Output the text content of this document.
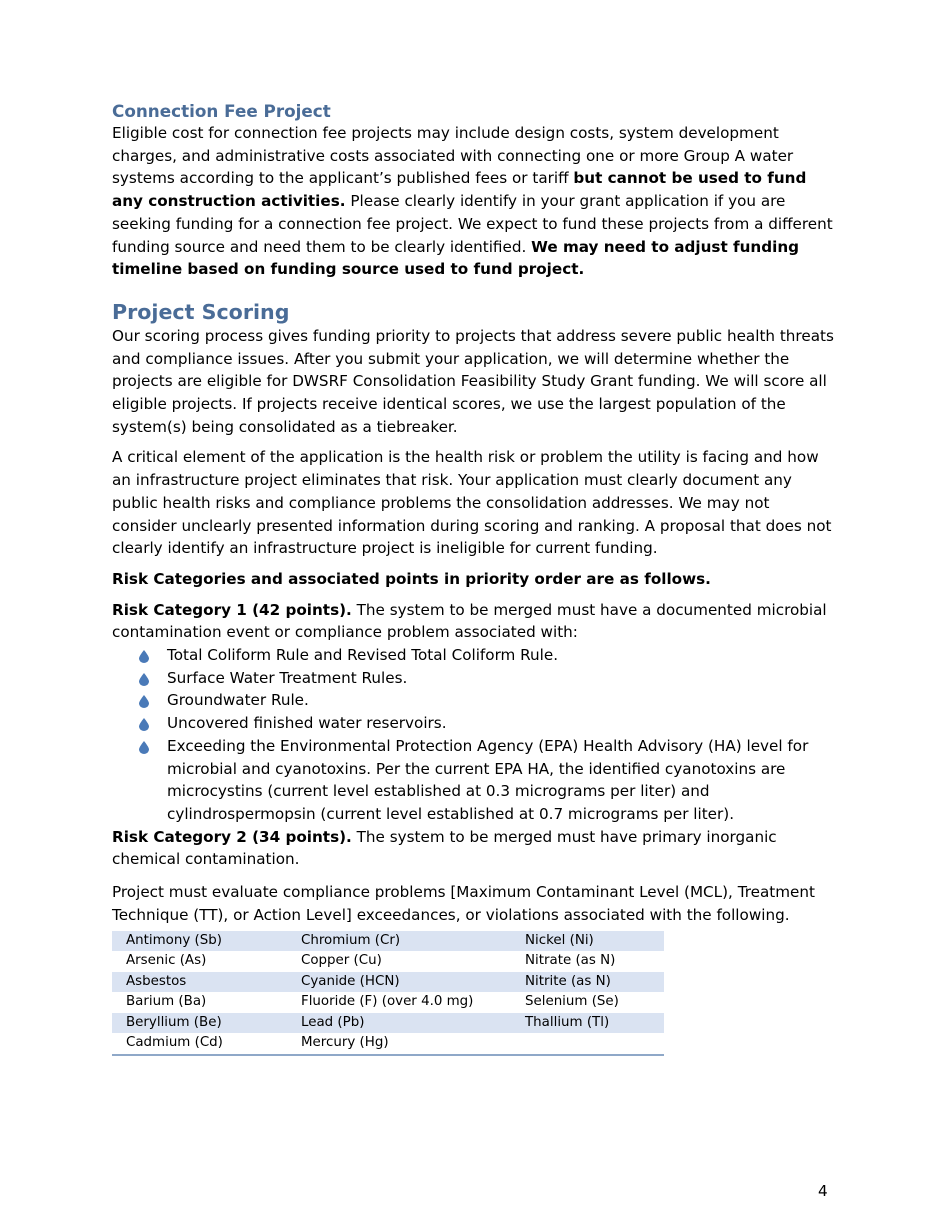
Connection Fee Project

Eligible cost for connection fee projects may include design costs, system development charges, and administrative costs associated with connecting one or more Group A water systems according to the applicant’s published fees or tariff but cannot be used to fund any construction activities. Please clearly identify in your grant application if you are seeking funding for a connection fee project. We expect to fund these projects from a different funding source and need them to be clearly identified. We may need to adjust funding timeline based on funding source used to fund project.

Project Scoring

Our scoring process gives funding priority to projects that address severe public health threats and compliance issues. After you submit your application, we will determine whether the projects are eligible for DWSRF Consolidation Feasibility Study Grant funding. We will score all eligible projects. If projects receive identical scores, we use the largest population of the system(s) being consolidated as a tiebreaker.

A critical element of the application is the health risk or problem the utility is facing and how an infrastructure project eliminates that risk. Your application must clearly document any public health risks and compliance problems the consolidation addresses. We may not consider unclearly presented information during scoring and ranking. A proposal that does not clearly identify an infrastructure project is ineligible for current funding.

Risk Categories and associated points in priority order are as follows.

Risk Category 1 (42 points). The system to be merged must have a documented microbial contamination event or compliance problem associated with:

Total Coliform Rule and Revised Total Coliform Rule.
Surface Water Treatment Rules.
Groundwater Rule.
Uncovered finished water reservoirs.
Exceeding the Environmental Protection Agency (EPA) Health Advisory (HA) level for microbial and cyanotoxins. Per the current EPA HA, the identified cyanotoxins are microcystins (current level established at 0.3 micrograms per liter) and cylindrospermopsin (current level established at 0.7 micrograms per liter).

Risk Category 2 (34 points). The system to be merged must have primary inorganic chemical contamination.

Project must evaluate compliance problems [Maximum Contaminant Level (MCL), Treatment Technique (TT), or Action Level] exceedances, or violations associated with the following.

Antimony (Sb)	Chromium (Cr)	Nickel (Ni)
Arsenic (As)	Copper (Cu)	Nitrate (as N)
Asbestos	Cyanide (HCN)	Nitrite (as N)
Barium (Ba)	Fluoride (F) (over 4.0 mg)	Selenium (Se)
Beryllium (Be)	Lead (Pb)	Thallium (Tl)
Cadmium (Cd)	Mercury (Hg)	
4
